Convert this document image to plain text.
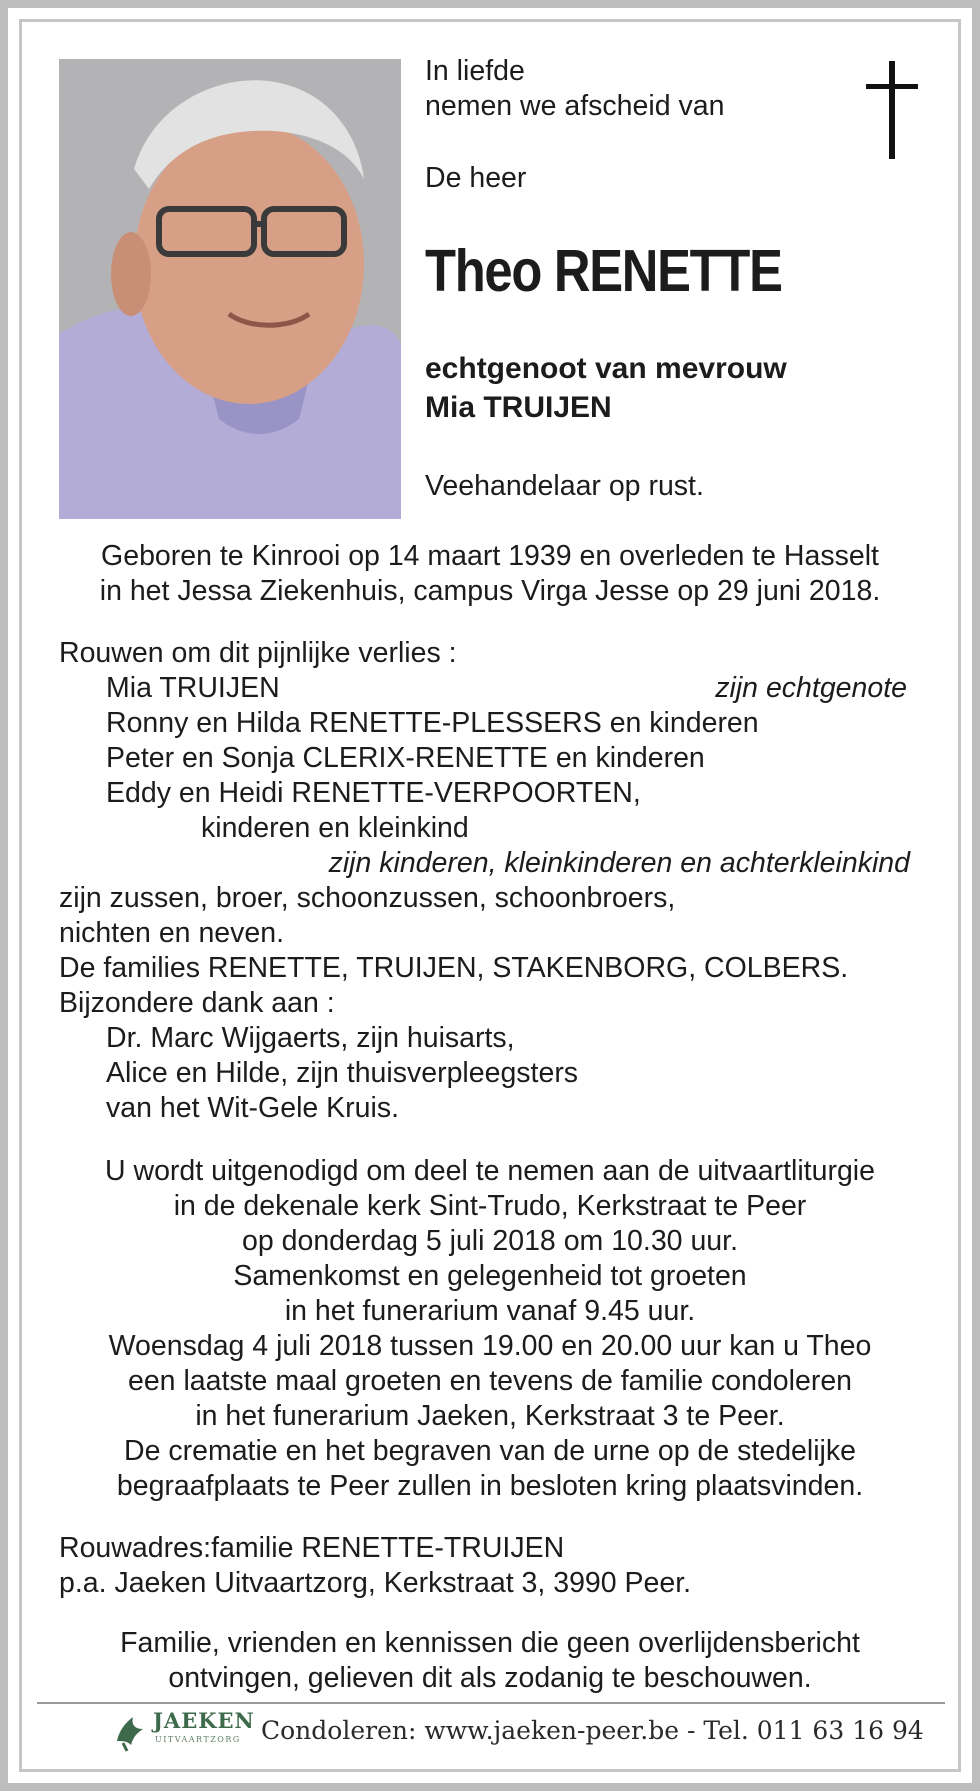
In liefde
nemen we afscheid van
De heer
Theo RENETTE
echtgenoot van mevrouw
Mia TRUIJEN
Veehandelaar op rust.
Geboren te Kinrooi op 14 maart 1939 en overleden te Hasselt
in het Jessa Ziekenhuis, campus Virga Jesse op 29 juni 2018.
Rouwen om dit pijnlijke verlies :
Mia TRUIJEN	zijn echtgenote
Ronny en Hilda RENETTE-PLESSERS en kinderen
Peter en Sonja CLERIX-RENETTE en kinderen
Eddy en Heidi RENETTE-VERPOORTEN,
kinderen en kleinkind
zijn kinderen, kleinkinderen en achterkleinkind
zijn zussen, broer, schoonzussen, schoonbroers,
nichten en neven.
De families RENETTE, TRUIJEN, STAKENBORG, COLBERS.
Bijzondere dank aan :
Dr. Marc Wijgaerts, zijn huisarts,
Alice en Hilde, zijn thuisverpleegsters
van het Wit-Gele Kruis.
U wordt uitgenodigd om deel te nemen aan de uitvaartliturgie
in de dekenale kerk Sint-Trudo, Kerkstraat te Peer
op donderdag 5 juli 2018 om 10.30 uur.
Samenkomst en gelegenheid tot groeten
in het funerarium vanaf 9.45 uur.
Woensdag 4 juli 2018 tussen 19.00 en 20.00 uur kan u Theo
een laatste maal groeten en tevens de familie condoleren
in het funerarium Jaeken, Kerkstraat 3 te Peer.
De crematie en het begraven van de urne op de stedelijke
begraafplaats te Peer zullen in besloten kring plaatsvinden.
Rouwadres:familie RENETTE-TRUIJEN
p.a. Jaeken Uitvaartzorg, Kerkstraat 3, 3990 Peer.
Familie, vrienden en kennissen die geen overlijdensbericht
ontvingen, gelieven dit als zodanig te beschouwen.
JAEKEN
UITVAARTZORG Condoleren: www.jaeken-peer.be - Tel. 011 63 16 94
